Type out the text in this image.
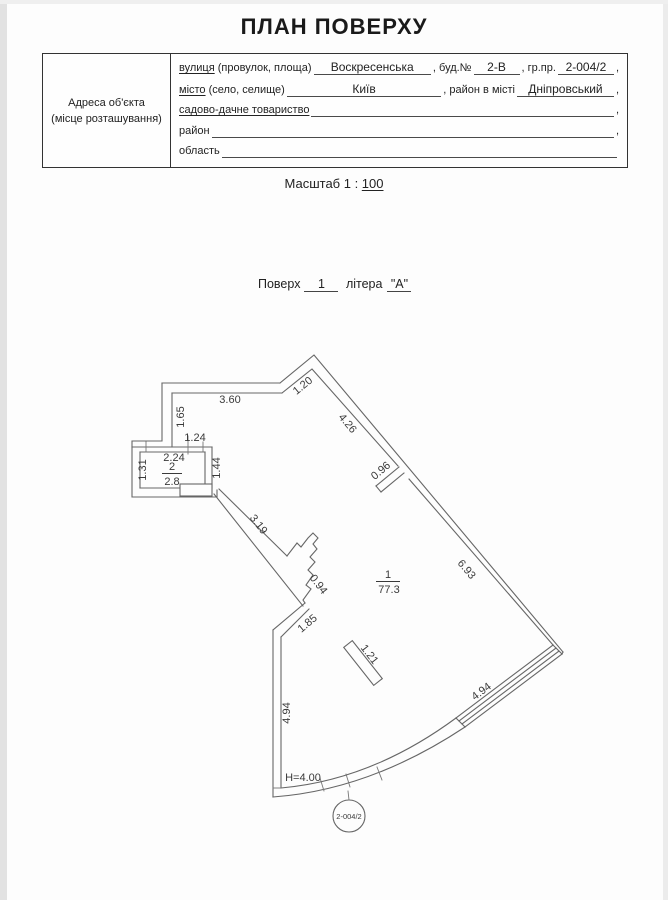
ПЛАН ПОВЕРХУ
Адреса об'єкта
(місце розташування)
вулиця (провулок, площа)	Воскресенська	, буд.№	2-В	, гр.пр. 2-004/2 ,
місто (село, селище)	Київ	, район в місті	Дніпровський	,
садово-дачне товариство	,
район	,
область
Масштаб 1 : 100
Поверх 1 літера "А"
3.60
1.20
1.65
1.24
2.24
1.31	1.44
4.26
0.96
6.93
3.19
0.94
1.85
1.21
4.94
4.94
H=4.00
2
2.8
1
77.3
2-004/2
